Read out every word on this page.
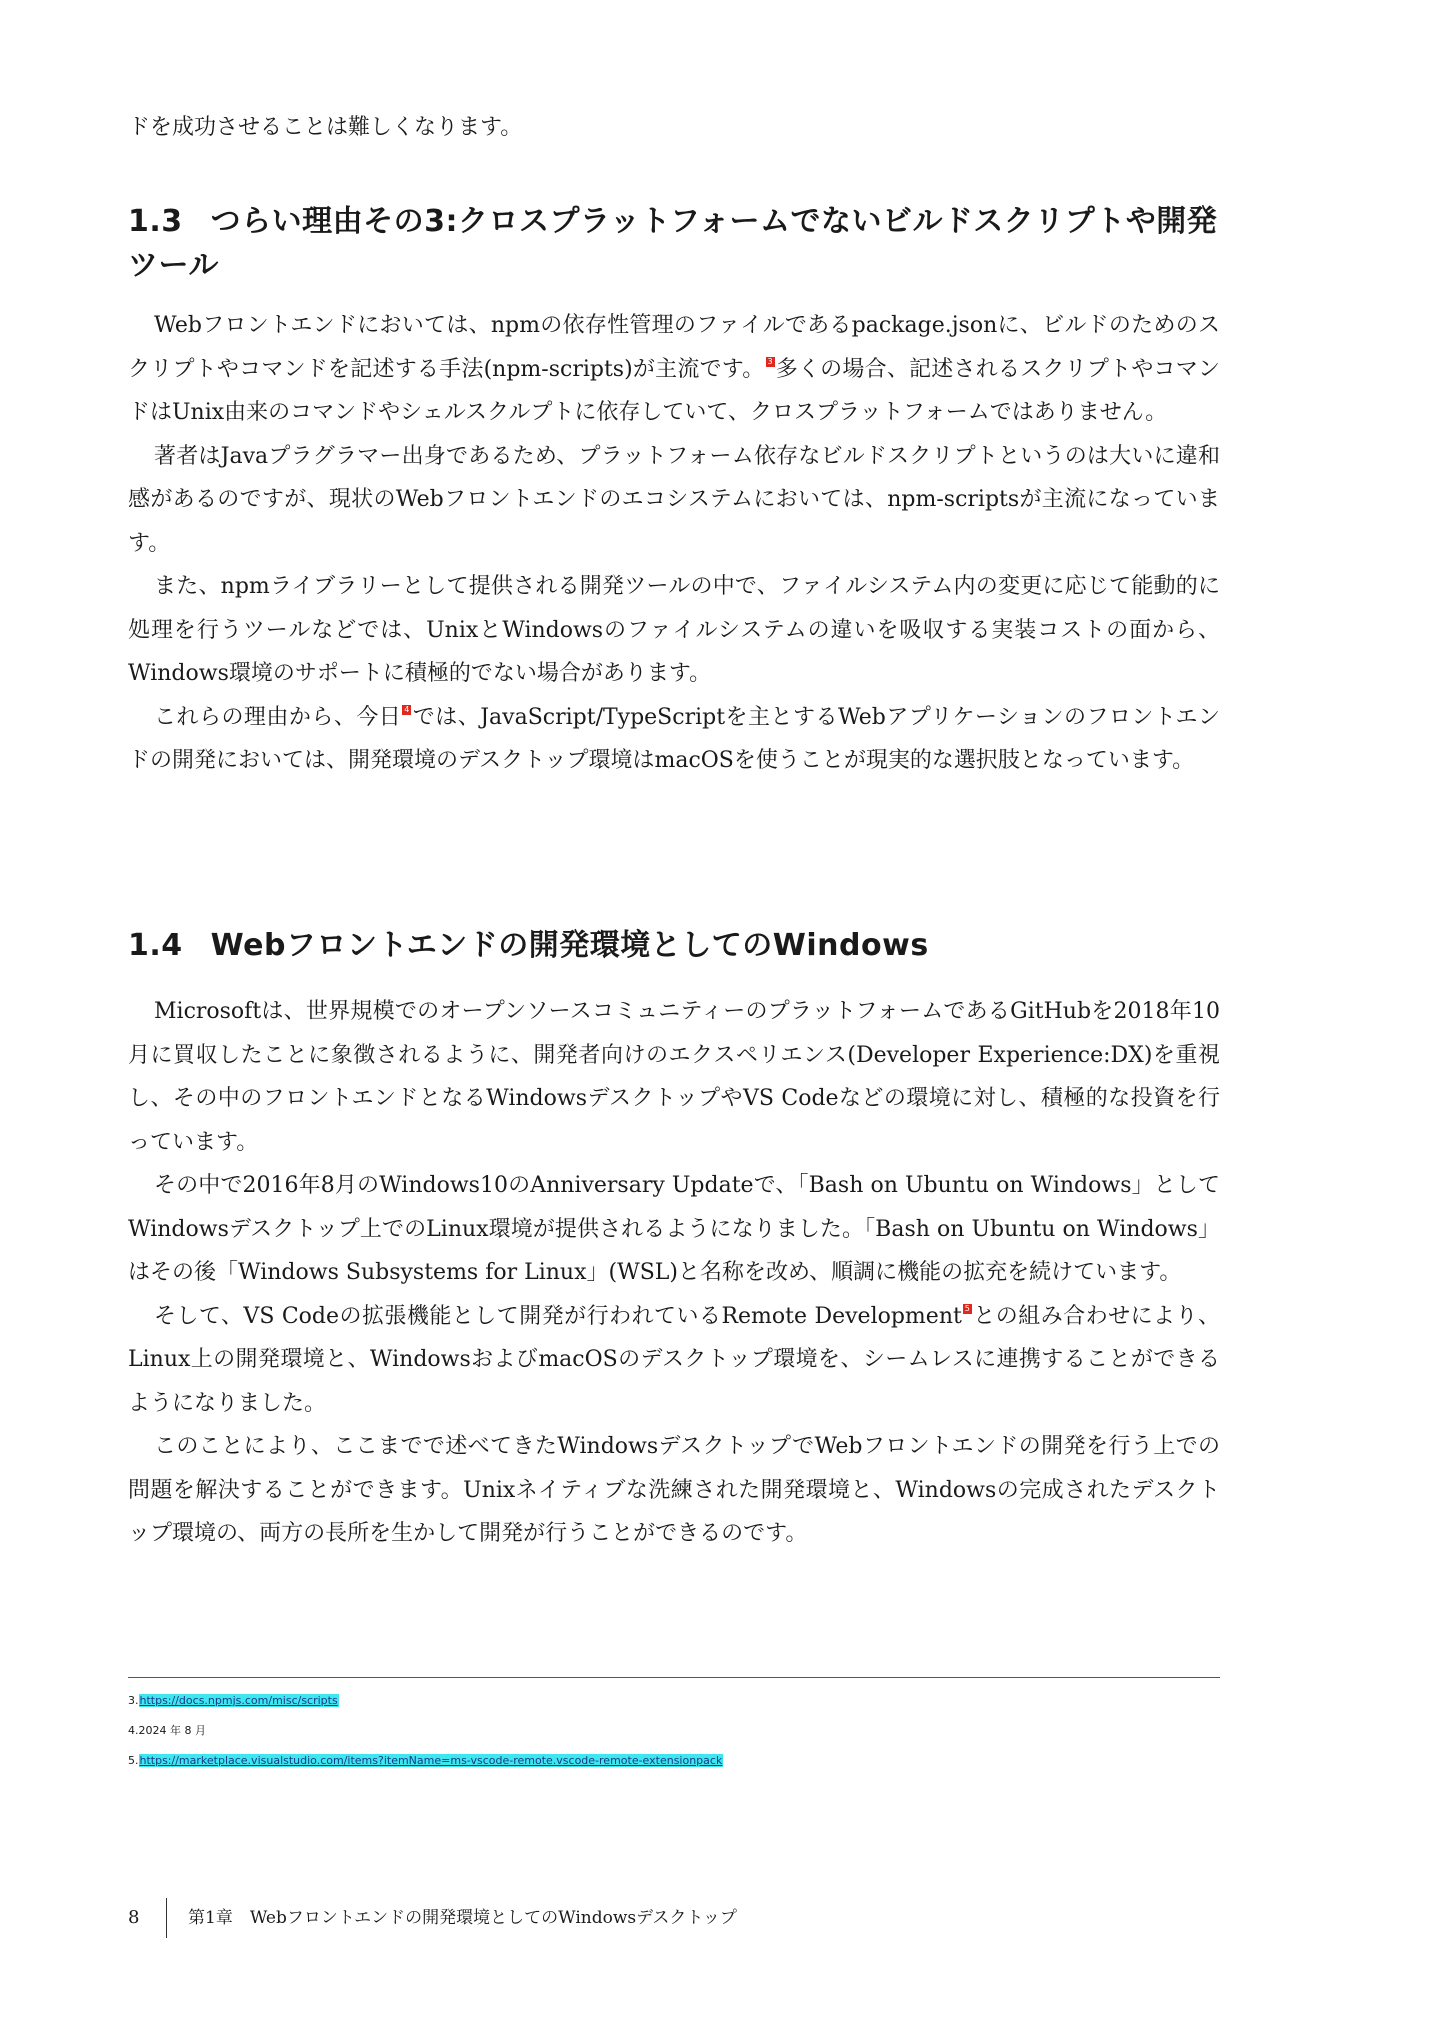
ドを成功させることは難しくなります。
1.3 つらい理由その3:クロスプラットフォームでないビルドスクリプトや開発ツール

Webフロントエンドにおいては、npmの依存性管理のファイルであるpackage.jsonに、ビルドのためのスクリプトやコマンドを記述する手法(npm-scripts)が主流です。 $^3$ 多くの場合、記述されるスクリプトやコマンドはUnix由来のコマンドやシェルスクルプトに依存していて、クロスプラットフォームではありません。

著者はJavaプラグラマー出身であるため、プラットフォーム依存なビルドスクリプトというのは大いに違和感があるのですが、現状のWebフロントエンドのエコシステムにおいては、npm-scriptsが主流になっています。

また、npmライブラリーとして提供される開発ツールの中で、ファイルシステム内の変更に応じて能動的に処理を行うツールなどでは、UnixとWindowsのファイルシステムの違いを吸収する実装コストの面から、Windows環境のサポートに積極的でない場合があります。

これらの理由から、今日 $^4$ では、JavaScript/TypeScriptを主とするWebアプリケーションのフロントエンドの開発においては、開発環境のデスクトップ環境はmacOSを使うことが現実的な選択肢となっています。

1.4 Webフロントエンドの開発環境としてのWindows

Microsoftは、世界規模でのオープンソースコミュニティーのプラットフォームであるGitHubを2018年10月に買収したことに象徴されるように、開発者向けのエクスペリエンス(Developer Experience:DX)を重視し、その中のフロントエンドとなるWindowsデスクトップやVS Codeなどの環境に対し、積極的な投資を行っています。

その中で2016年8月のWindows10のAnniversary Updateで、「Bash on Ubuntu on Windows」としてWindowsデスクトップ上でのLinux環境が提供されるようになりました。「Bash on Ubuntu on Windows」はその後「Windows Subsystems for Linux」(WSL)と名称を改め、順調に機能の拡充を続けています。

そして、VS Codeの拡張機能として開発が行われているRemote Development $^5$ との組み合わせにより、Linux上の開発環境と、WindowsおよびmacOSのデスクトップ環境を、シームレスに連携することができるようになりました。

このことにより、ここまでで述べてきたWindowsデスクトップでWebフロントエンドの開発を行う上での問題を解決することができます。Unixネイティブな洗練された開発環境と、Windowsの完成されたデスクトップ環境の、両方の長所を生かして開発が行うことができるのです。

3.https://docs.npmjs.com/misc/scripts
4.2024 年 8 月
5.https://marketplace.visualstudio.com/items?itemName=ms-vscode-remote.vscode-remote-extensionpack
8	第1章　Webフロントエンドの開発環境としてのWindowsデスクトップ
